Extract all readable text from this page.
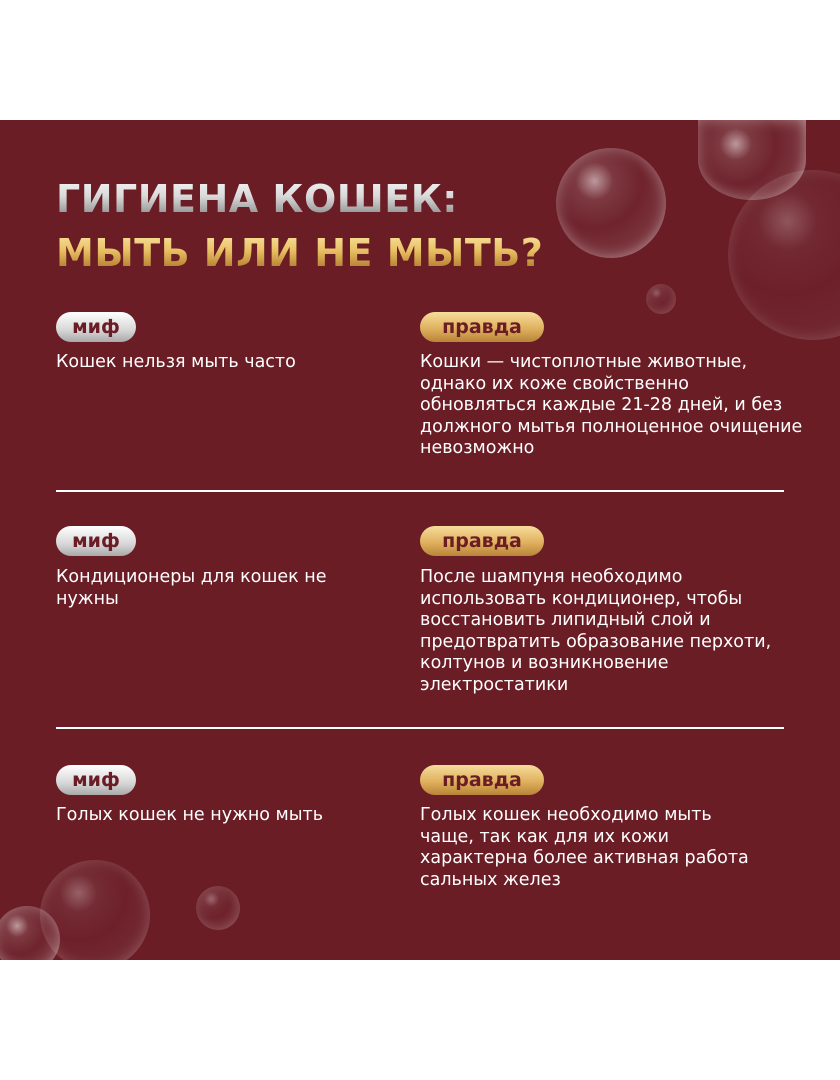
ГИГИЕНА КОШЕК:
МЫТЬ ИЛИ НЕ МЫТЬ?
миф

Кошек нельзя мыть часто

правда

Кошки — чистоплотные животные, однако их коже свойственно обновляться каждые 21-28 дней, и без должного мытья полноценное очищение невозможно

миф

Кондиционеры для кошек не нужны

правда

После шампуня необходимо использовать кондиционер, чтобы восстановить липидный слой и предотвратить образование перхоти, колтунов и возникновение электростатики

миф

Голых кошек не нужно мыть

правда

Голых кошек необходимо мыть чаще, так как для их кожи характерна более активная работа сальных желез
